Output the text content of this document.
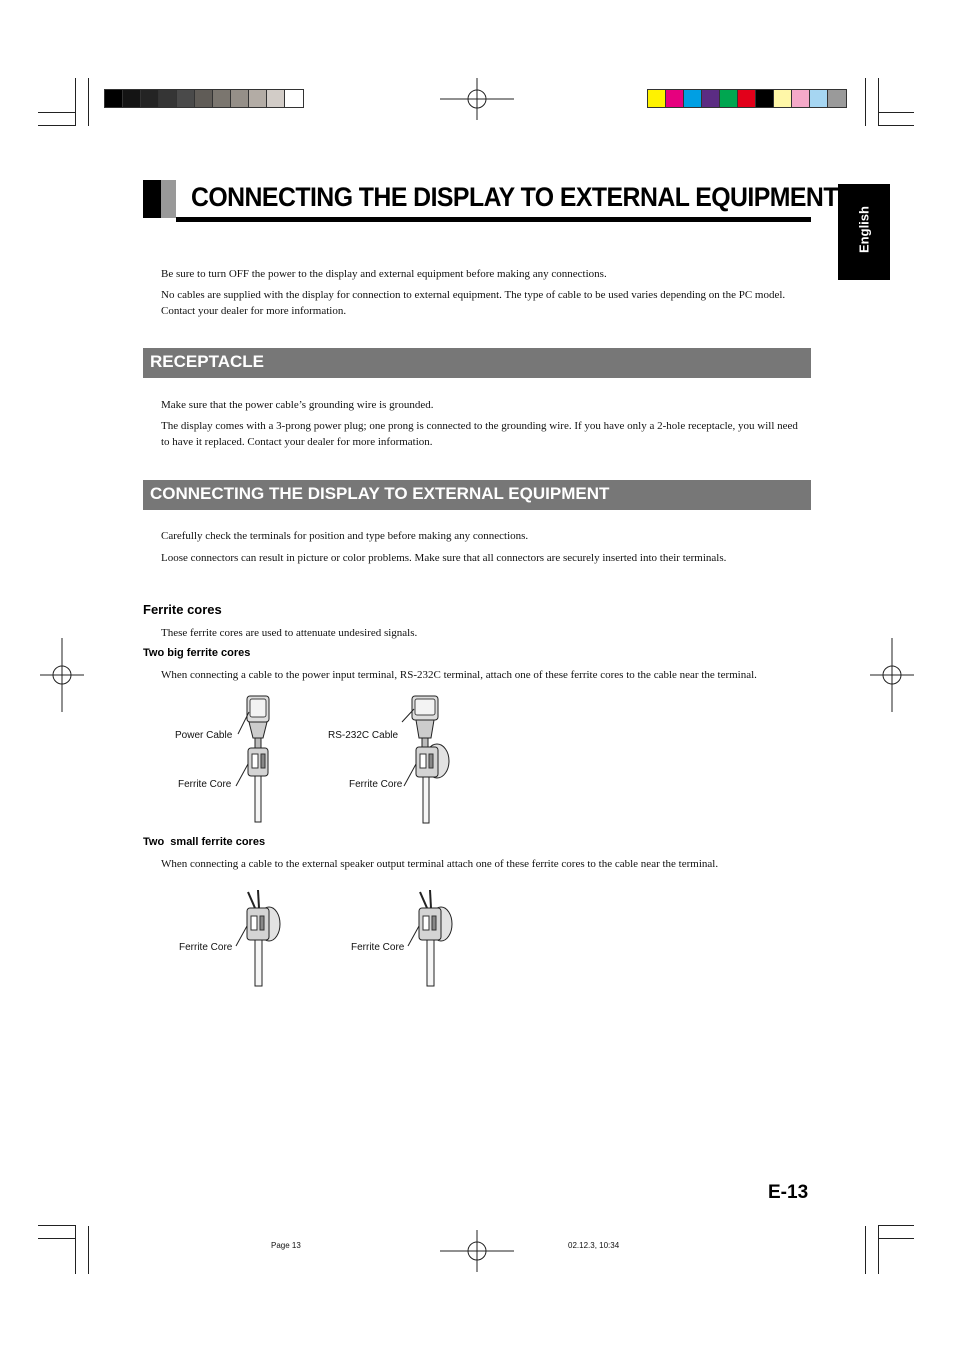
CONNECTING THE DISPLAY TO EXTERNAL EQUIPMENT
English

Be sure to turn OFF the power to the display and external equipment before making any connections.

No cables are supplied with the display for connection to external equipment. The type of cable to be used varies depending on the PC model. Contact your dealer for more information.

RECEPTACLE

Make sure that the power cable’s grounding wire is grounded.

The display comes with a 3-prong power plug; one prong is connected to the grounding wire. If you have only a 2-hole receptacle, you will need to have it replaced. Contact your dealer for more information.

CONNECTING THE DISPLAY TO EXTERNAL EQUIPMENT

Carefully check the terminals for position and type before making any connections.

Loose connectors can result in picture or color problems. Make sure that all connectors are securely inserted into their terminals.

Ferrite cores

These ferrite cores are used to attenuate undesired signals.

Two big ferrite cores

When connecting a cable to the power input terminal, RS-232C terminal, attach one of these ferrite cores to the cable near the terminal.

Power Cable
Ferrite Core
RS-232C Cable
Ferrite Core
Two  small ferrite cores

When connecting a cable to the external speaker output terminal attach one of these ferrite cores to the cable near the terminal.

Ferrite Core	Ferrite Core
E-13
Page 13	02.12.3, 10:34
